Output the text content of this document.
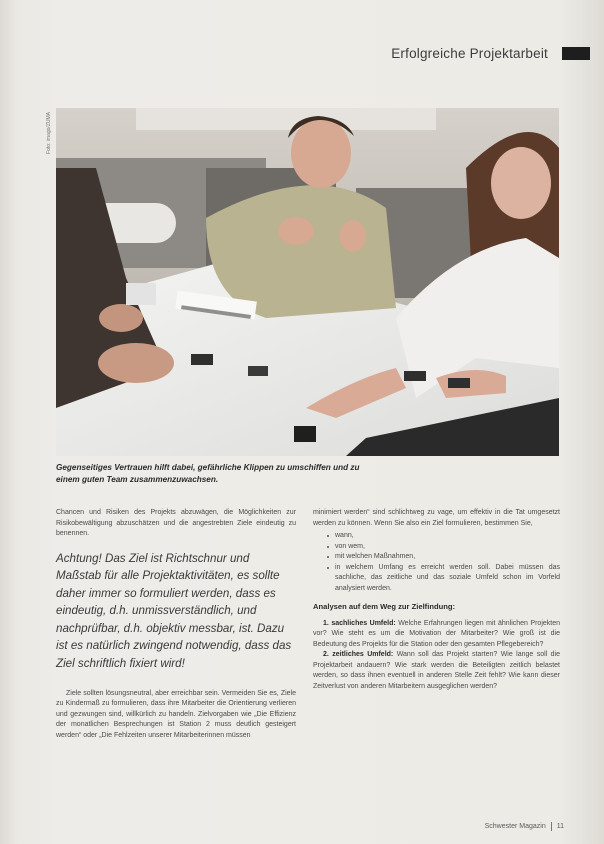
Erfolgreiche Projektarbeit
Foto: imago/ZUMA
Gegenseitiges Vertrauen hilft dabei, gefährliche Klippen zu umschiffen und zu einem guten Team zusammenzuwachsen.

Chancen und Risiken des Projekts abzuwägen, die Möglichkeiten zur Risikobewältigung abzuschätzen und die angestrebten Ziele eindeutig zu benennen.

Achtung! Das Ziel ist Richtschnur und Maßstab für alle Projektaktivitäten, es sollte daher immer so formuliert werden, dass es eindeutig, d.h. unmissverständlich, und nachprüfbar, d.h. objektiv messbar, ist. Dazu ist es natürlich zwingend notwendig, dass das Ziel schriftlich fixiert wird!

Ziele sollten lösungsneutral, aber erreichbar sein. Vermeiden Sie es, Ziele zu Kindermaß zu formulieren, dass ihre Mitarbeiter die Orientierung verlieren und gezwungen sind, willkürlich zu handeln. Zielvorgaben wie „Die Effizienz der monatlichen Besprechungen ist Station 2 muss deutlich gesteigert werden“ oder „Die Fehlzeiten unserer Mitarbeiterinnen müssen

minimiert werden“ sind schlichtweg zu vage, um effektiv in die Tat umgesetzt werden zu können. Wenn Sie also ein Ziel formulieren, bestimmen Sie,

wann,
von wem,
mit welchen Maßnahmen,
in welchem Umfang es erreicht werden soll. Dabei müssen das sachliche, das zeitliche und das soziale Umfeld schon im Vorfeld analysiert werden.

Analysen auf dem Weg zur Zielfindung:

1. sachliches Umfeld: Welche Erfahrungen liegen mit ähnlichen Projekten vor? Wie steht es um die Motivation der Mitarbeiter? Wie groß ist die Bedeutung des Projekts für die Station oder den gesamten Pflegebereich?

2. zeitliches Umfeld: Wann soll das Projekt starten? Wie lange soll die Projektarbeit andauern? Wie stark werden die Beteiligten zeitlich belastet werden, so dass ihnen eventuell in anderen Stelle Zeit fehlt? Wie kann dieser Zeitverlust von anderen Mitarbeitern ausgeglichen werden?

Schwester Magazin 11
